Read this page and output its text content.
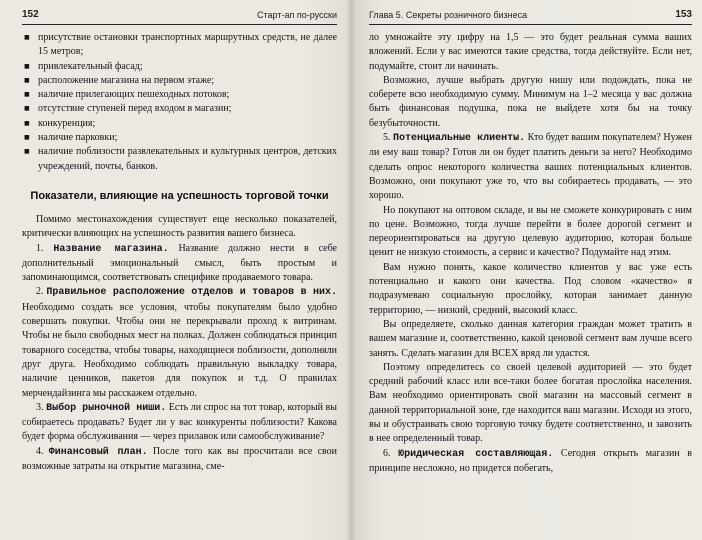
152	Старт-ап по-русски
■ присутствие остановки транспортных маршрутных средств, не далее 15 метров;
■ привлекательный фасад;
■ расположение магазина на первом этаже;
■ наличие прилегающих пешеходных потоков;
■ отсутствие ступеней перед входом в магазин;
■ конкуренция;
■ наличие парковки;
■ наличие поблизости развлекательных и культурных центров, детских учреждений, почты, банков.
Показатели, влияющие на успешность торговой точки

Помимо местонахождения существует еще несколько показателей, критически влияющих на успешность развития вашего бизнеса.

1. Название магазина. Название должно нести в себе дополнительный эмоциональный смысл, быть простым и запоминающимся, соответствовать специфике продаваемого товара.

2. Правильное расположение отделов и товаров в них. Необходимо создать все условия, чтобы покупателям было удобно совершать покупки. Чтобы они не перекрывали проход к витринам. Чтобы не было свободных мест на полках. Должен соблюдаться принцип товарного соседства, чтобы товары, находящиеся поблизости, дополняли друг друга. Необходимо соблюдать правильную выкладку товара, наличие ценников, пакетов для покупок и т.д. О правилах мерчендайзинга мы расскажем отдельно.

3. Выбор рыночной ниши. Есть ли спрос на тот товар, который вы собираетесь продавать? Будет ли у вас конкуренты поблизости? Какова будет форма обслуживания — через прилавок или самообслуживание?

4. Финансовый план. После того как вы просчитали все свои возможные затраты на открытие магазина, сме-

Глава 5. Секреты розничного бизнеса	153

ло умножайте эту цифру на 1,5 — это будет реальная сумма ваших вложений. Если у вас имеются такие средства, тогда действуйте. Если нет, подумайте, стоит ли начинать.

Возможно, лучше выбрать другую нишу или подождать, пока не соберете всю необходимую сумму. Минимум на 1–2 месяца у вас должна быть финансовая подушка, пока не выйдете хотя бы на точку безубыточности.

5. Потенциальные клиенты. Кто будет вашим покупателем? Нужен ли ему ваш товар? Готов ли он будет платить деньги за него? Необходимо сделать опрос некоторого количества ваших потенциальных клиентов. Возможно, они покупают уже то, что вы собираетесь продавать, — это хорошо.

Но покупают на оптовом складе, и вы не сможете конкурировать с ним по цене. Возможно, тогда лучше перейти в более дорогой сегмент и переориентироваться на другую целевую аудиторию, которая больше ценит не низкую стоимость, а сервис и качество? Подумайте над этим.

Вам нужно понять, какое количество клиентов у вас уже есть потенциально и какого они качества. Под словом «качество» я подразумеваю социальную прослойку, которая занимает данную территорию, — низкий, средний, высокий класс.

Вы определяете, сколько данная категория граждан может тратить в вашем магазине и, соответственно, какой ценовой сегмент вам лучше всего занять. Сделать магазин для ВСЕХ вряд ли удастся.

Поэтому определитесь со своей целевой аудиторией — это будет средний рабочий класс или все-таки более богатая прослойка населения. Вам необходимо ориентировать свой магазин на массовый сегмент в данной территориальной зоне, где находится ваш магазин. Исходя из этого, вы и обустраивать свою торговую точку будете соответственно, и завозить в нее определенный товар.

6. Юридическая составляющая. Сегодня открыть магазин в принципе несложно, но придется побегать,
